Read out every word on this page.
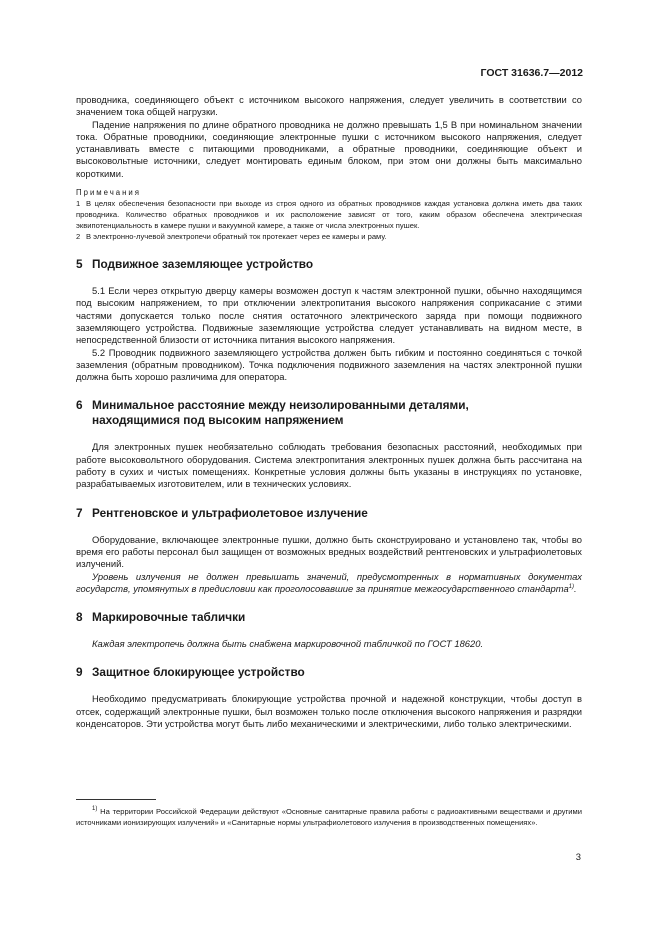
ГОСТ 31636.7—2012

проводника, соединяющего объект с источником высокого напряжения, следует увеличить в соответствии со значением тока общей нагрузки.

Падение напряжения по длине обратного проводника не должно превышать 1,5 В при номинальном значении тока. Обратные проводники, соединяющие электронные пушки с источником высокого напряжения, следует устанавливать вместе с питающими проводниками, а обратные проводники, соединяющие объект и высоковольтные источники, следует монтировать единым блоком, при этом они должны быть максимально короткими.

Примечания

1 В целях обеспечения безопасности при выходе из строя одного из обратных проводников каждая установка должна иметь два таких проводника. Количество обратных проводников и их расположение зависят от того, каким образом обеспечена электрическая эквипотенциальность в камере пушки и вакуумной камере, а также от числа электронных пушек.

2 В электронно-лучевой электропечи обратный ток протекает через ее камеры и раму.

5 Подвижное заземляющее устройство

5.1 Если через открытую дверцу камеры возможен доступ к частям электронной пушки, обычно находящимся под высоким напряжением, то при отключении электропитания высокого напряжения соприкасание с этими частями допускается только после снятия остаточного электрического заряда при помощи подвижного заземляющего устройства. Подвижные заземляющие устройства следует устанавливать на видном месте, в непосредственной близости от источника питания высокого напряжения.

5.2 Проводник подвижного заземляющего устройства должен быть гибким и постоянно соединяться с точкой заземления (обратным проводником). Точка подключения подвижного заземления на частях электронной пушки должна быть хорошо различима для оператора.

6 Минимальное расстояние между неизолированными деталями,
находящимися под высоким напряжением

Для электронных пушек необязательно соблюдать требования безопасных расстояний, необходимых при работе высоковольтного оборудования. Система электропитания электронных пушек должна быть рассчитана на работу в сухих и чистых помещениях. Конкретные условия должны быть указаны в инструкциях по установке, разрабатываемых изготовителем, или в технических условиях.

7 Рентгеновское и ультрафиолетовое излучение

Оборудование, включающее электронные пушки, должно быть сконструировано и установлено так, чтобы во время его работы персонал был защищен от возможных вредных воздействий рентгеновских и ультрафиолетовых излучений.

Уровень излучения не должен превышать значений, предусмотренных в нормативных документах государств, упомянутых в предисловии как проголосовавшие за принятие межгосударственного стандарта$^{1)}$.

8 Маркировочные таблички

Каждая электропечь должна быть снабжена маркировочной табличкой по ГОСТ 18620.

9 Защитное блокирующее устройство

Необходимо предусматривать блокирующие устройства прочной и надежной конструкции, чтобы доступ в отсек, содержащий электронные пушки, был возможен только после отключения высокого напряжения и разрядки конденсаторов. Эти устройства могут быть либо механическими и электрическими, либо только электрическими.

$^{1)}$ На территории Российской Федерации действуют «Основные санитарные правила работы с радиоактивными веществами и другими источниками ионизирующих излучений» и «Санитарные нормы ультрафиолетового излучения в производственных помещениях».
3
